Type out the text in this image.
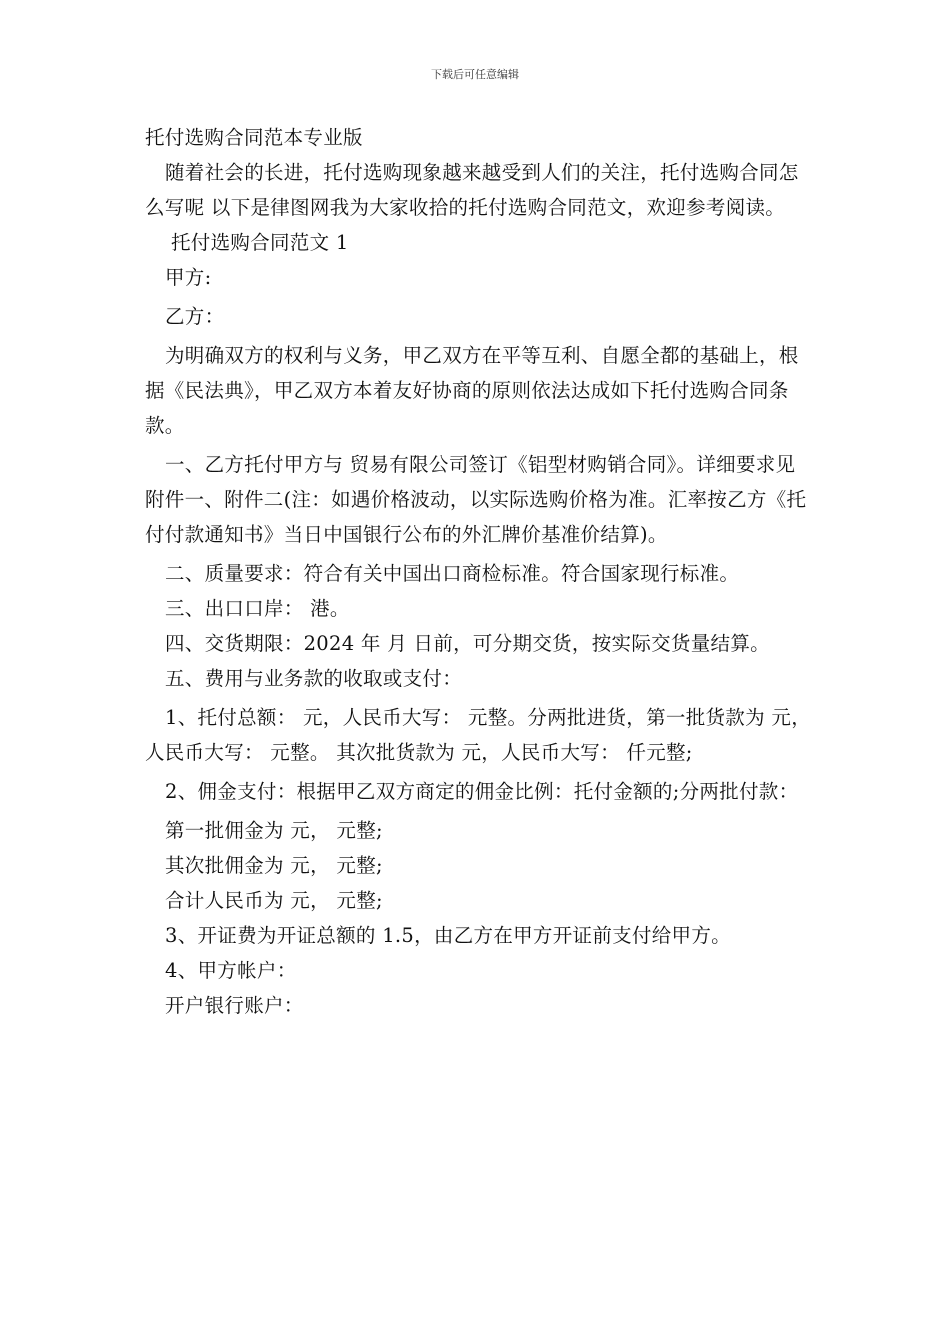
下载后可任意编辑

托付选购合同范本专业版

随着社会的长进，托付选购现象越来越受到人们的关注，托付选购合同怎么写呢 以下是律图网我为大家收拾的托付选购合同范文，欢迎参考阅读。

托付选购合同范文 1

甲方:

乙方：

为明确双方的权利与义务，甲乙双方在平等互利、自愿全都的基础上，根据《民法典》，甲乙双方本着友好协商的原则依法达成如下托付选购合同条款。

一、乙方托付甲方与 贸易有限公司签订《铝型材购销合同》。详细要求见附件一、附件二(注：如遇价格波动，以实际选购价格为准。汇率按乙方《托付付款通知书》当日中国银行公布的外汇牌价基准价结算)。

二、质量要求：符合有关中国出口商检标准。符合国家现行标准。

三、出口口岸： 港。

四、交货期限：2024 年 月 日前，可分期交货，按实际交货量结算。

五、费用与业务款的收取或支付：

1、托付总额： 元，人民币大写： 元整。分两批进货，第一批货款为 元，人民币大写： 元整。 其次批货款为 元，人民币大写： 仟元整;

2、佣金支付：根据甲乙双方商定的佣金比例：托付金额的;分两批付款：

第一批佣金为 元， 元整;

其次批佣金为 元， 元整;

合计人民币为 元， 元整;

3、开证费为开证总额的 1.5，由乙方在甲方开证前支付给甲方。

4、甲方帐户：

开户银行账户：
